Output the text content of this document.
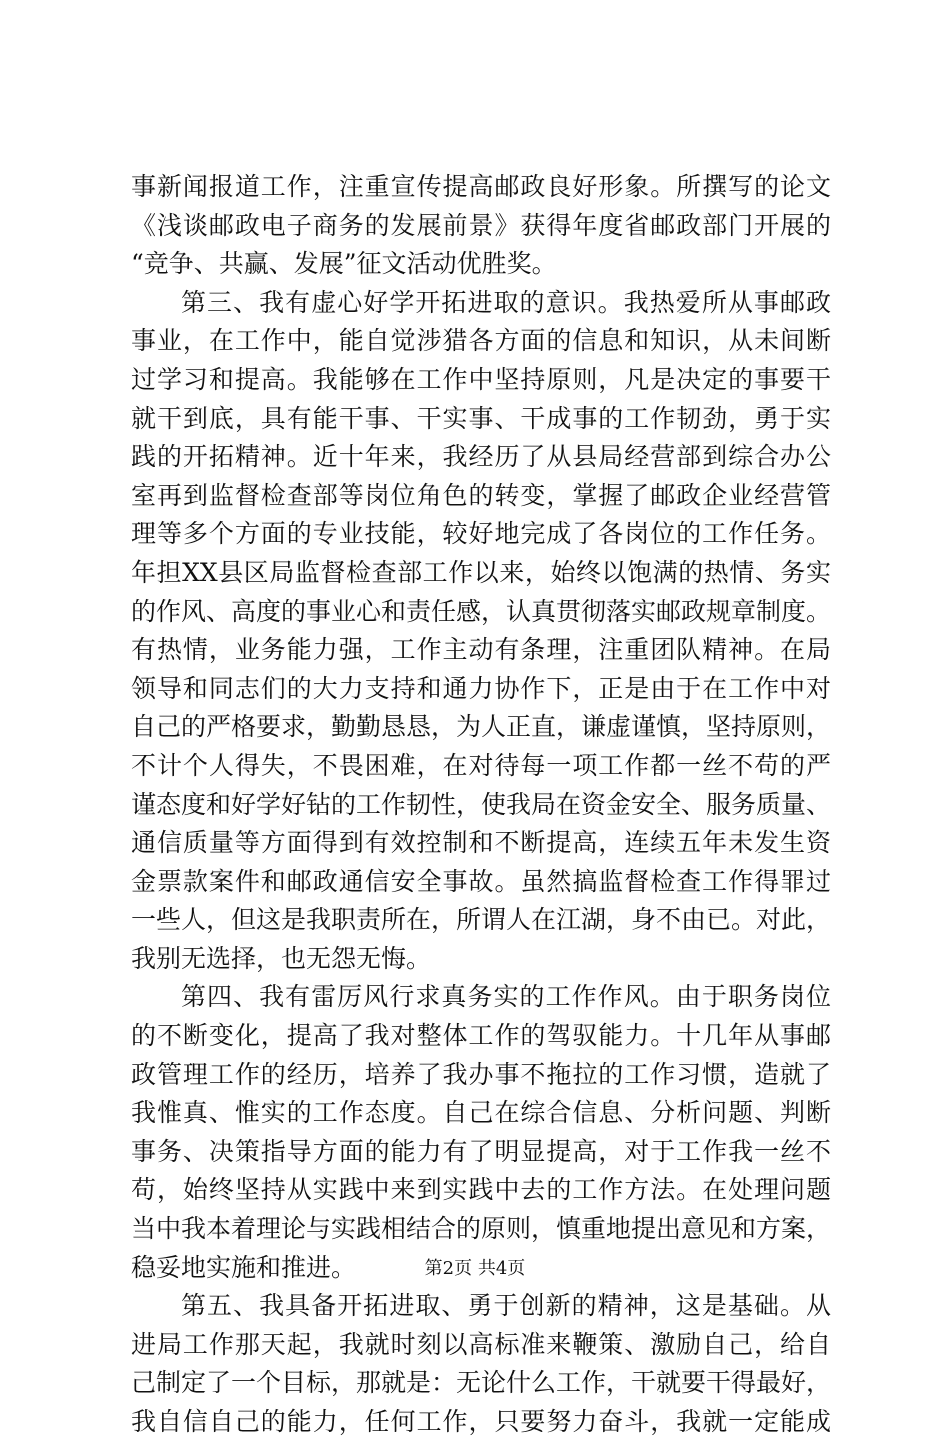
事新闻报道工作，注重宣传提高邮政良好形象。所撰写的论文
《浅谈邮政电子商务的发展前景》获得年度省邮政部门开展的
“竞争、共赢、发展”征文活动优胜奖。
第三、我有虚心好学开拓进取的意识。我热爱所从事邮政
事业，在工作中，能自觉涉猎各方面的信息和知识，从未间断
过学习和提高。我能够在工作中坚持原则，凡是决定的事要干
就干到底，具有能干事、干实事、干成事的工作韧劲，勇于实
践的开拓精神。近十年来，我经历了从县局经营部到综合办公
室再到监督检查部等岗位角色的转变，掌握了邮政企业经营管
理等多个方面的专业技能，较好地完成了各岗位的工作任务。
年担XX县区局监督检查部工作以来，始终以饱满的热情、务实
的作风、高度的事业心和责任感，认真贯彻落实邮政规章制度。
有热情，业务能力强，工作主动有条理，注重团队精神。在局
领导和同志们的大力支持和通力协作下，正是由于在工作中对
自己的严格要求，勤勤恳恳，为人正直，谦虚谨慎，坚持原则，
不计个人得失，不畏困难，在对待每一项工作都一丝不苟的严
谨态度和好学好钻的工作韧性，使我局在资金安全、服务质量、
通信质量等方面得到有效控制和不断提高，连续五年未发生资
金票款案件和邮政通信安全事故。虽然搞监督检查工作得罪过
一些人，但这是我职责所在，所谓人在江湖，身不由已。对此，
我别无选择，也无怨无悔。
第四、我有雷厉风行求真务实的工作作风。由于职务岗位
的不断变化，提高了我对整体工作的驾驭能力。十几年从事邮
政管理工作的经历，培养了我办事不拖拉的工作习惯，造就了
我惟真、惟实的工作态度。自己在综合信息、分析问题、判断
事务、决策指导方面的能力有了明显提高，对于工作我一丝不
苟，始终坚持从实践中来到实践中去的工作方法。在处理问题
当中我本着理论与实践相结合的原则，慎重地提出意见和方案，
稳妥地实施和推进。
第五、我具备开拓进取、勇于创新的精神，这是基础。从
进局工作那天起，我就时刻以高标准来鞭策、激励自己，给自
己制定了一个目标，那就是：无论什么工作，干就要干得最好，
我自信自己的能力，任何工作，只要努力奋斗，我就一定能成
第2页 共4页
